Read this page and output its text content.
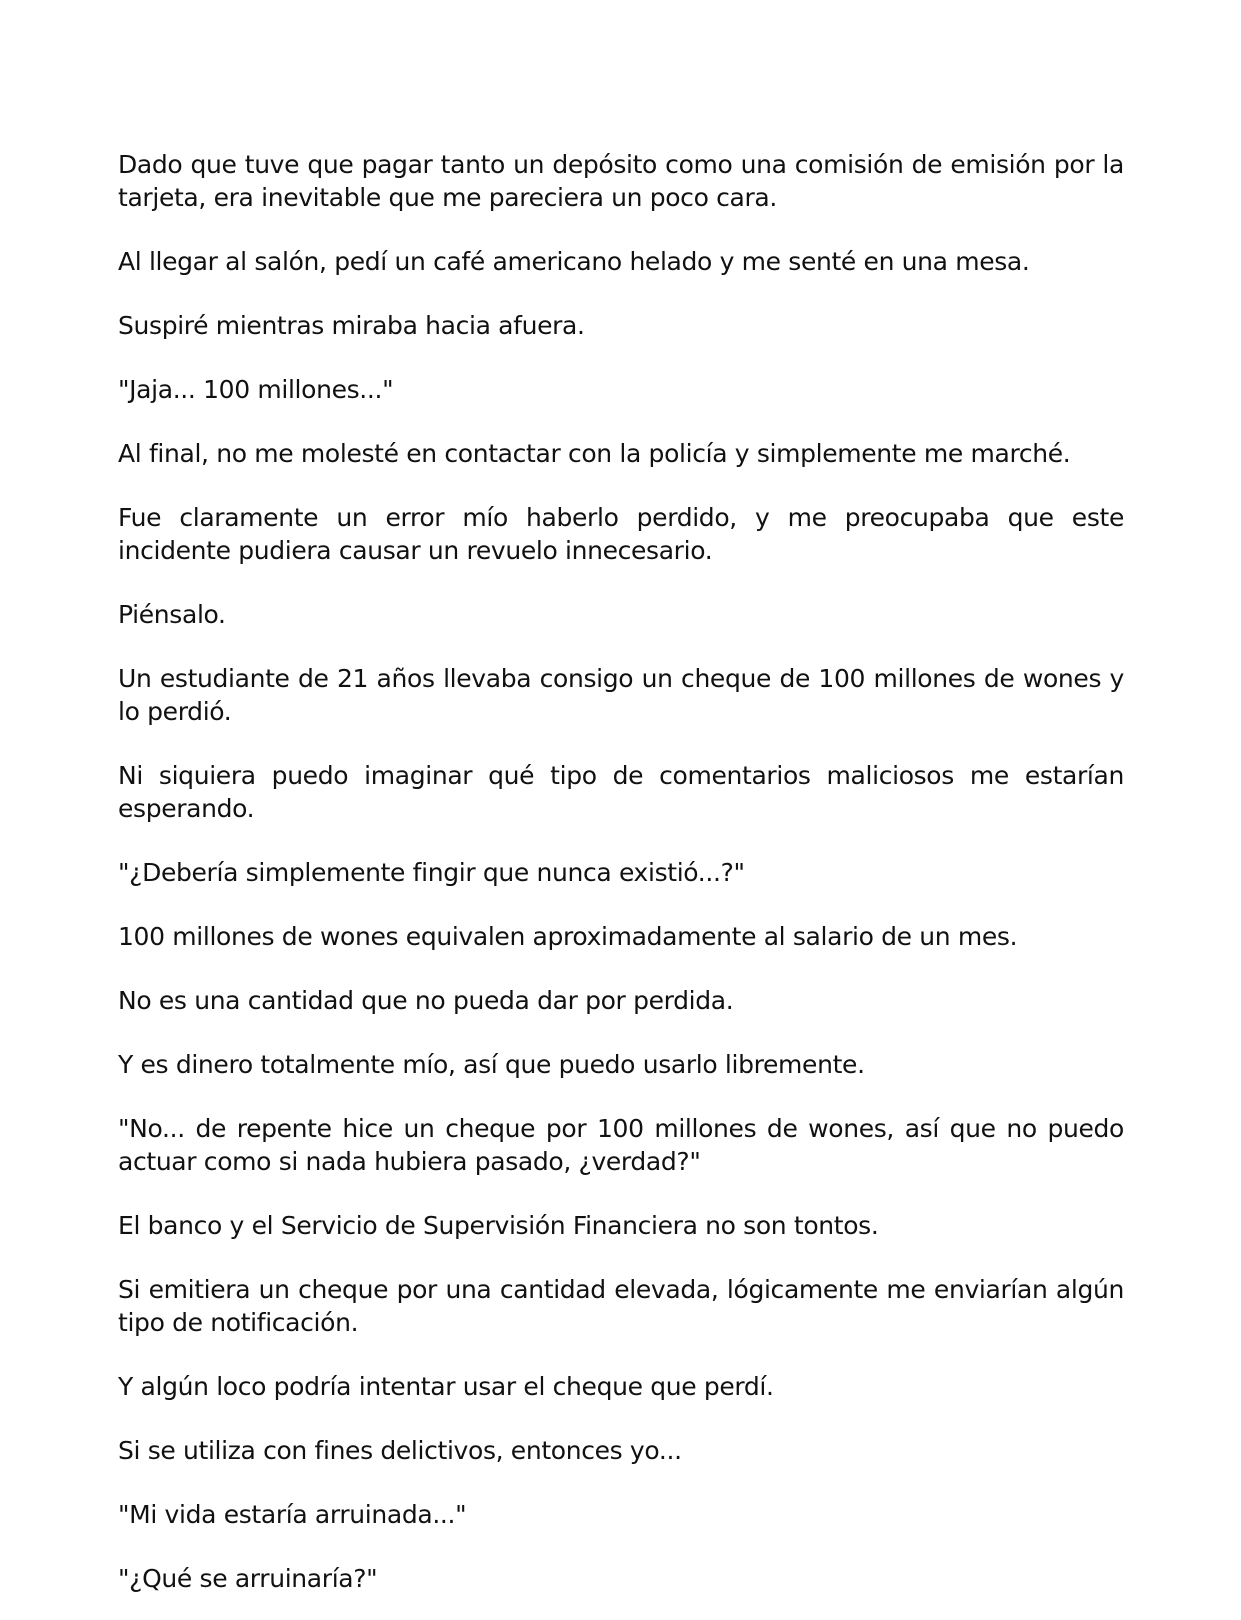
Dado que tuve que pagar tanto un depósito como una comisión de emisión por la tarjeta, era inevitable que me pareciera un poco cara.

Al llegar al salón, pedí un café americano helado y me senté en una mesa.

Suspiré mientras miraba hacia afuera.

"Jaja... 100 millones..."

Al final, no me molesté en contactar con la policía y simplemente me marché.

Fue claramente un error mío haberlo perdido, y me preocupaba que este incidente pudiera causar un revuelo innecesario.

Piénsalo.

Un estudiante de 21 años llevaba consigo un cheque de 100 millones de wones y lo perdió.

Ni siquiera puedo imaginar qué tipo de comentarios maliciosos me estarían esperando.

"¿Debería simplemente fingir que nunca existió...?"

100 millones de wones equivalen aproximadamente al salario de un mes.

No es una cantidad que no pueda dar por perdida.

Y es dinero totalmente mío, así que puedo usarlo libremente.

"No... de repente hice un cheque por 100 millones de wones, así que no puedo actuar como si nada hubiera pasado, ¿verdad?"

El banco y el Servicio de Supervisión Financiera no son tontos.

Si emitiera un cheque por una cantidad elevada, lógicamente me enviarían algún tipo de notificación.

Y algún loco podría intentar usar el cheque que perdí.

Si se utiliza con fines delictivos, entonces yo...

"Mi vida estaría arruinada..."

"¿Qué se arruinaría?"
